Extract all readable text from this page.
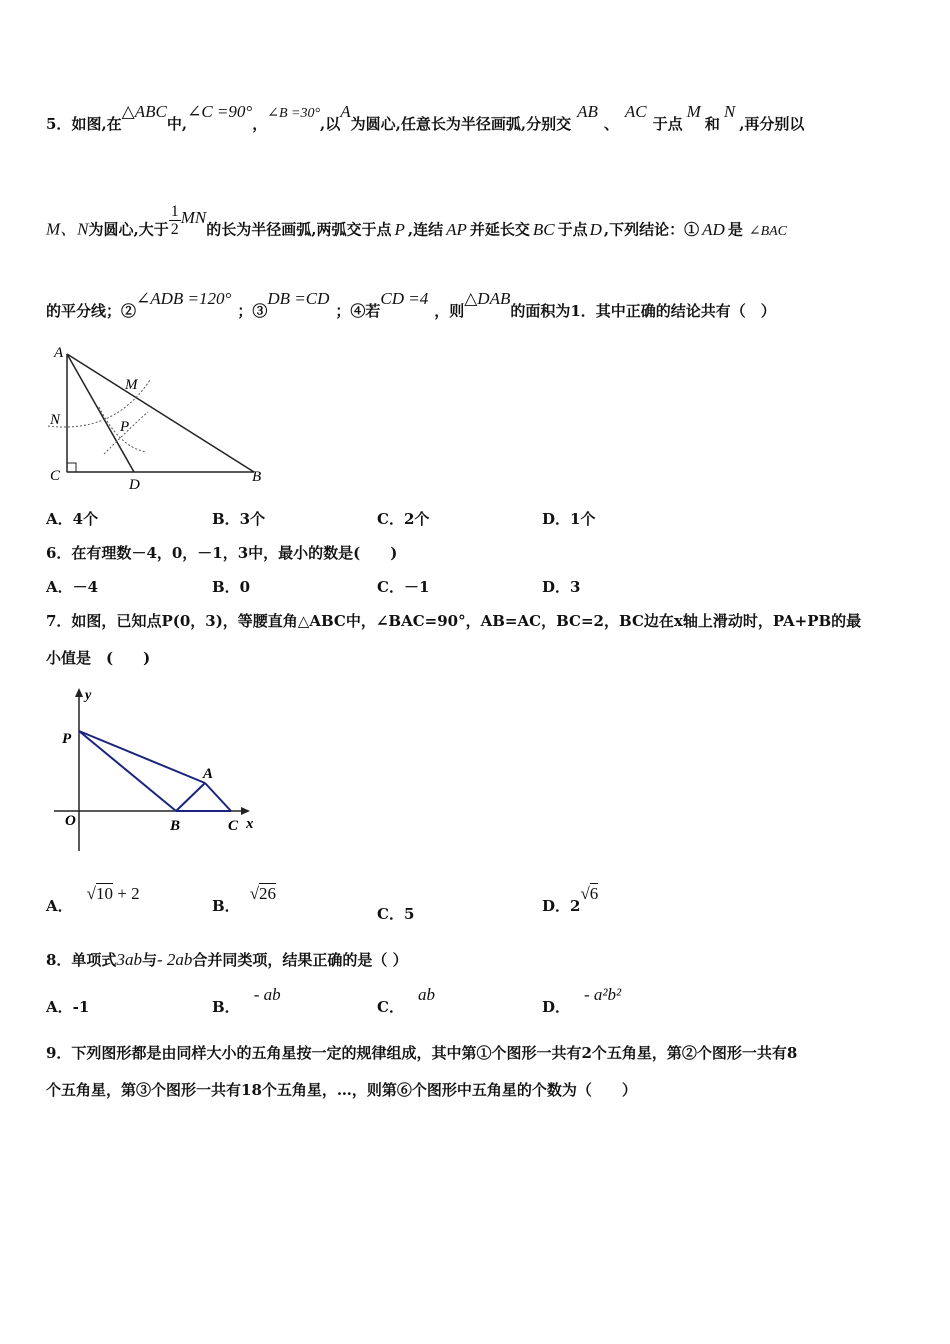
5．如图,在△ABC中,∠C =90°，∠B =30°,以A为圆心,任意长为半径画弧,分别交AB、AC于点M和N,再分别以
M、N为圆心,大于 $\frac{1}{2}$ MN的长为半径画弧,两弧交于点 P ,连结 AP 并延长交 BC 于点 D ,下列结论：① AD 是 ∠BAC
的平分线；②∠ADB =120°；③DB =CD；④若CD =4，则△DAB的面积为1．其中正确的结论共有（　）
A
M
N	P
C
D	B
A．4个	B．3个	C．2个	D．1个
6．在有理数－4，0，－1，3中，最小的数是(　　)
A．－4	B．0	C．－1	D．3
7．如图，已知点P(0，3)，等腰直角△ABC中，∠BAC=90°，AB=AC，BC=2，BC边在x轴上滑动时，PA+PB的最
小值是　(　　)
y
P
A
O	B	C x
A．√10 + 2
B．√26
C．5	D．2√6
8．单项式3ab与- 2ab合并同类项，结果正确的是（ ）
A．-1	B．- ab
C．ab
D．- a²b²
9．下列图形都是由同样大小的五角星按一定的规律组成，其中第①个图形一共有2个五角星，第②个图形一共有8
个五角星，第③个图形一共有18个五角星，…，则第⑥个图形中五角星的个数为（　　）
